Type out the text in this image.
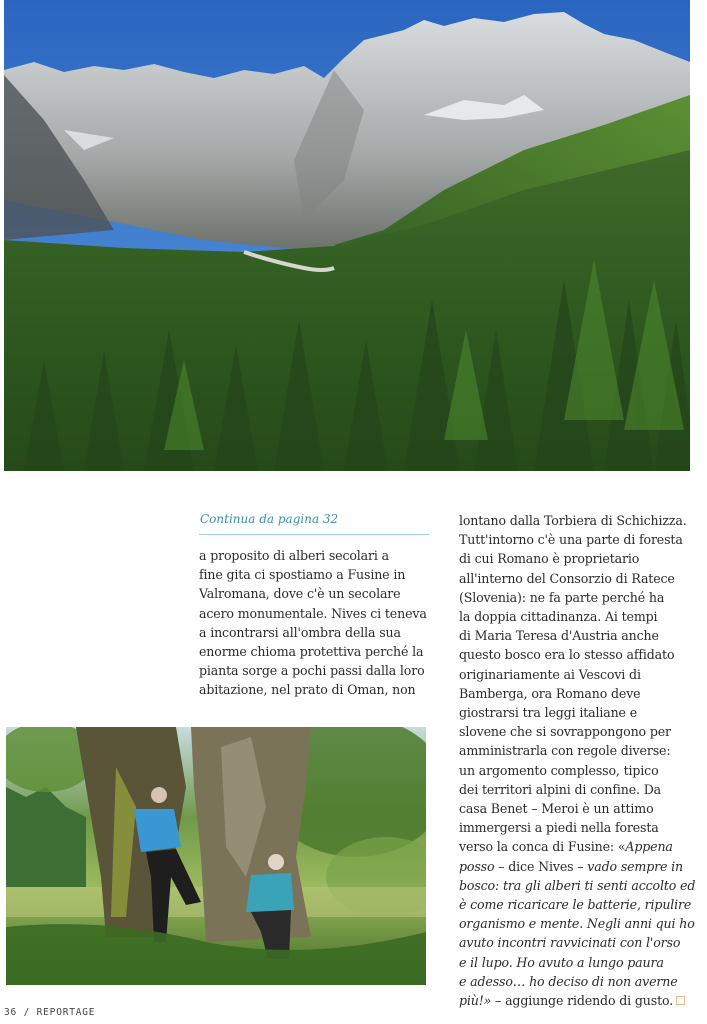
Continua da pagina 32
a proposito di alberi secolari a
fine gita ci spostiamo a Fusine in
Valromana, dove c'è un secolare
acero monumentale. Nives ci teneva
a incontrarsi all'ombra della sua
enorme chioma protettiva perché la
pianta sorge a pochi passi dalla loro
abitazione, nel prato di Oman, non
lontano dalla Torbiera di Schichizza.
Tutt'intorno c'è una parte di foresta
di cui Romano è proprietario
all'interno del Consorzio di Ratece
(Slovenia): ne fa parte perché ha
la doppia cittadinanza. Ai tempi
di Maria Teresa d'Austria anche
questo bosco era lo stesso affidato
originariamente ai Vescovi di
Bamberga, ora Romano deve
giostrarsi tra leggi italiane e
slovene che si sovrappongono per
amministrarla con regole diverse:
un argomento complesso, tipico
dei territori alpini di confine. Da
casa Benet – Meroi è un attimo
immergersi a piedi nella foresta
verso la conca di Fusine: «Appena
posso – dice Nives – vado sempre in
bosco: tra gli alberi ti senti accolto ed
è come ricaricare le batterie, ripulire
organismo e mente. Negli anni qui ho
avuto incontri ravvicinati con l'orso
e il lupo. Ho avuto a lungo paura
e adesso… ho deciso di non averne
più!» – aggiunge ridendo di gusto.
36 / REPORTAGE
